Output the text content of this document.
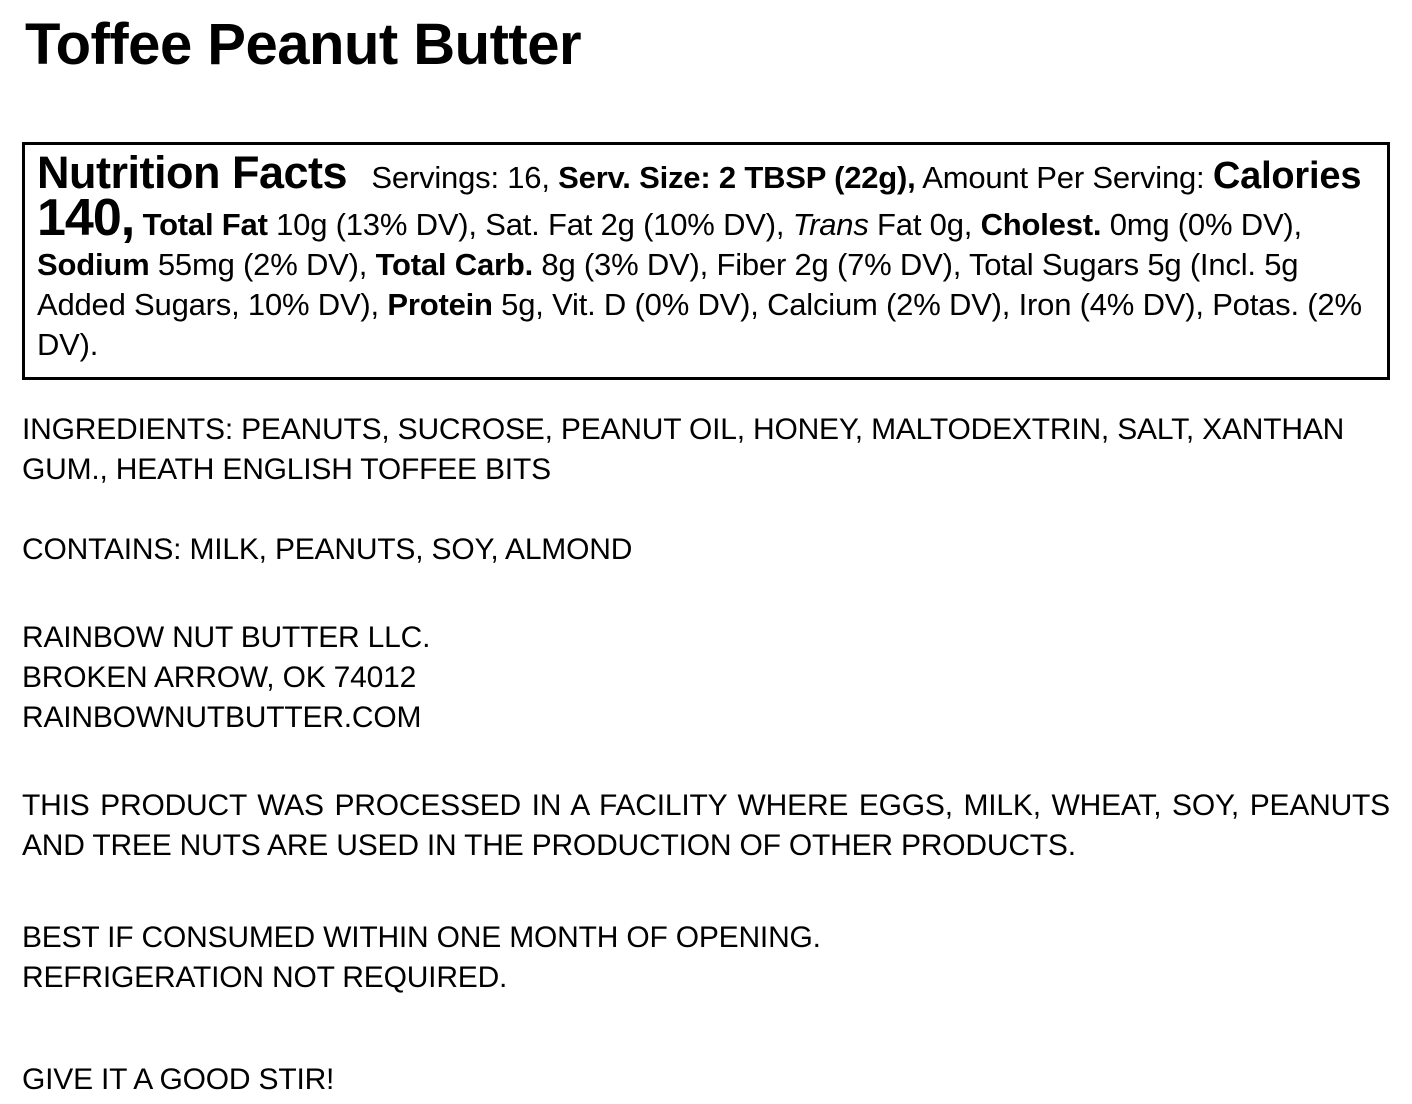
Toffee Peanut Butter

Nutrition Facts Servings: 16, Serv. Size: 2 TBSP (22g), Amount Per Serving: Calories 140, Total Fat 10g (13% DV), Sat. Fat 2g (10% DV), Trans Fat 0g, Cholest. 0mg (0% DV), Sodium 55mg (2% DV), Total Carb. 8g (3% DV), Fiber 2g (7% DV), Total Sugars 5g (Incl. 5g Added Sugars, 10% DV), Protein 5g, Vit. D (0% DV), Calcium (2% DV), Iron (4% DV), Potas. (2% DV).

INGREDIENTS: PEANUTS, SUCROSE, PEANUT OIL, HONEY, MALTODEXTRIN, SALT, XANTHAN GUM., HEATH ENGLISH TOFFEE BITS

CONTAINS: MILK, PEANUTS, SOY, ALMOND

RAINBOW NUT BUTTER LLC.
BROKEN ARROW, OK 74012
RAINBOWNUTBUTTER.COM

THIS PRODUCT WAS PROCESSED IN A FACILITY WHERE EGGS, MILK, WHEAT, SOY, PEANUTS AND TREE NUTS ARE USED IN THE PRODUCTION OF OTHER PRODUCTS.

BEST IF CONSUMED WITHIN ONE MONTH OF OPENING.
REFRIGERATION NOT REQUIRED.

GIVE IT A GOOD STIR!
